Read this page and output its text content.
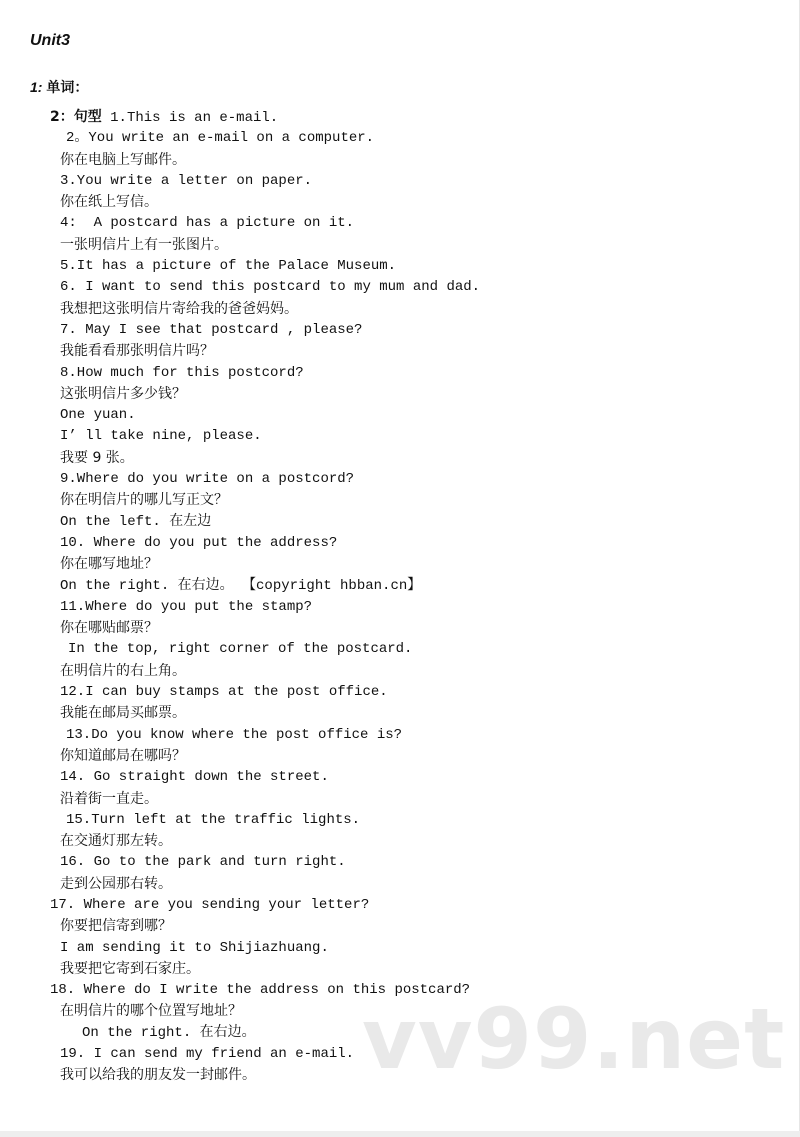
vv99.net
Unit3
1: 单词：
2：句型 1.This is an e-mail.
2。You write an e-mail on a computer.
你在电脑上写邮件。
3.You write a letter on paper.
你在纸上写信。
4:  A postcard has a picture on it.
一张明信片上有一张图片。
5.It has a picture of the Palace Museum.
6. I want to send this postcard to my mum and dad.
我想把这张明信片寄给我的爸爸妈妈。
7. May I see that postcard , please?
我能看看那张明信片吗？
8.How much for this postcord?
这张明信片多少钱？
One yuan.
I’ ll take nine, please.
我要 9 张。
9.Where do you write on a postcord?
你在明信片的哪儿写正文？
On the left. 在左边
10. Where do you put the address?
你在哪写地址？
On the right. 在右边。 【copyright hbban.cn】
11.Where do you put the stamp?
你在哪贴邮票？
In the top, right corner of the postcard.
在明信片的右上角。
12.I can buy stamps at the post office.
我能在邮局买邮票。
13.Do you know where the post office is?
你知道邮局在哪吗？
14. Go straight down the street.
沿着街一直走。
15.Turn left at the traffic lights.
在交通灯那左转。
16. Go to the park and turn right.
走到公园那右转。
17. Where are you sending your letter?
你要把信寄到哪？
I am sending it to Shijiazhuang.
我要把它寄到石家庄。
18. Where do I write the address on this postcard?
在明信片的哪个位置写地址？
On the right. 在右边。
19. I can send my friend an e-mail.
我可以给我的朋友发一封邮件。
